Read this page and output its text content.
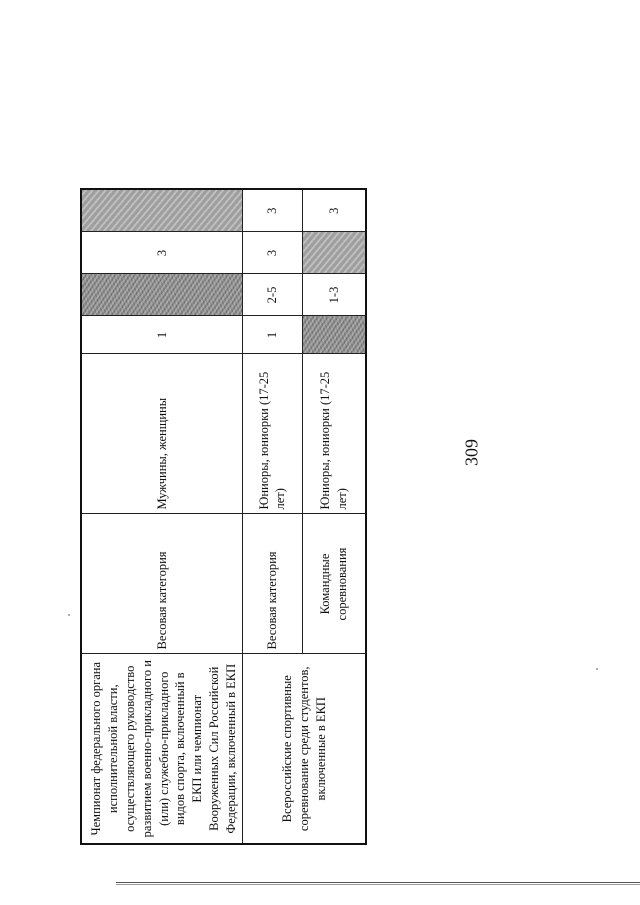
309
Чемпионат федерального органа исполнительной власти, осуществляющего руководство развитием военно-прикладного и (или) служебно-прикладного видов спорта, включенный в ЕКП или чемпионат Вооруженных Сил Российской Федерации, включенный в ЕКП	Весовая категория	Мужчины, женщины	1		3	
Всероссийские спортивные соревнование среди студентов, включенные в ЕКП	Весовая категория	Юниоры, юниорки (17-25 лет)	1	2-5	3	3
	Командные соревнования	Юниоры, юниорки (17-25 лет)		1-3		3
